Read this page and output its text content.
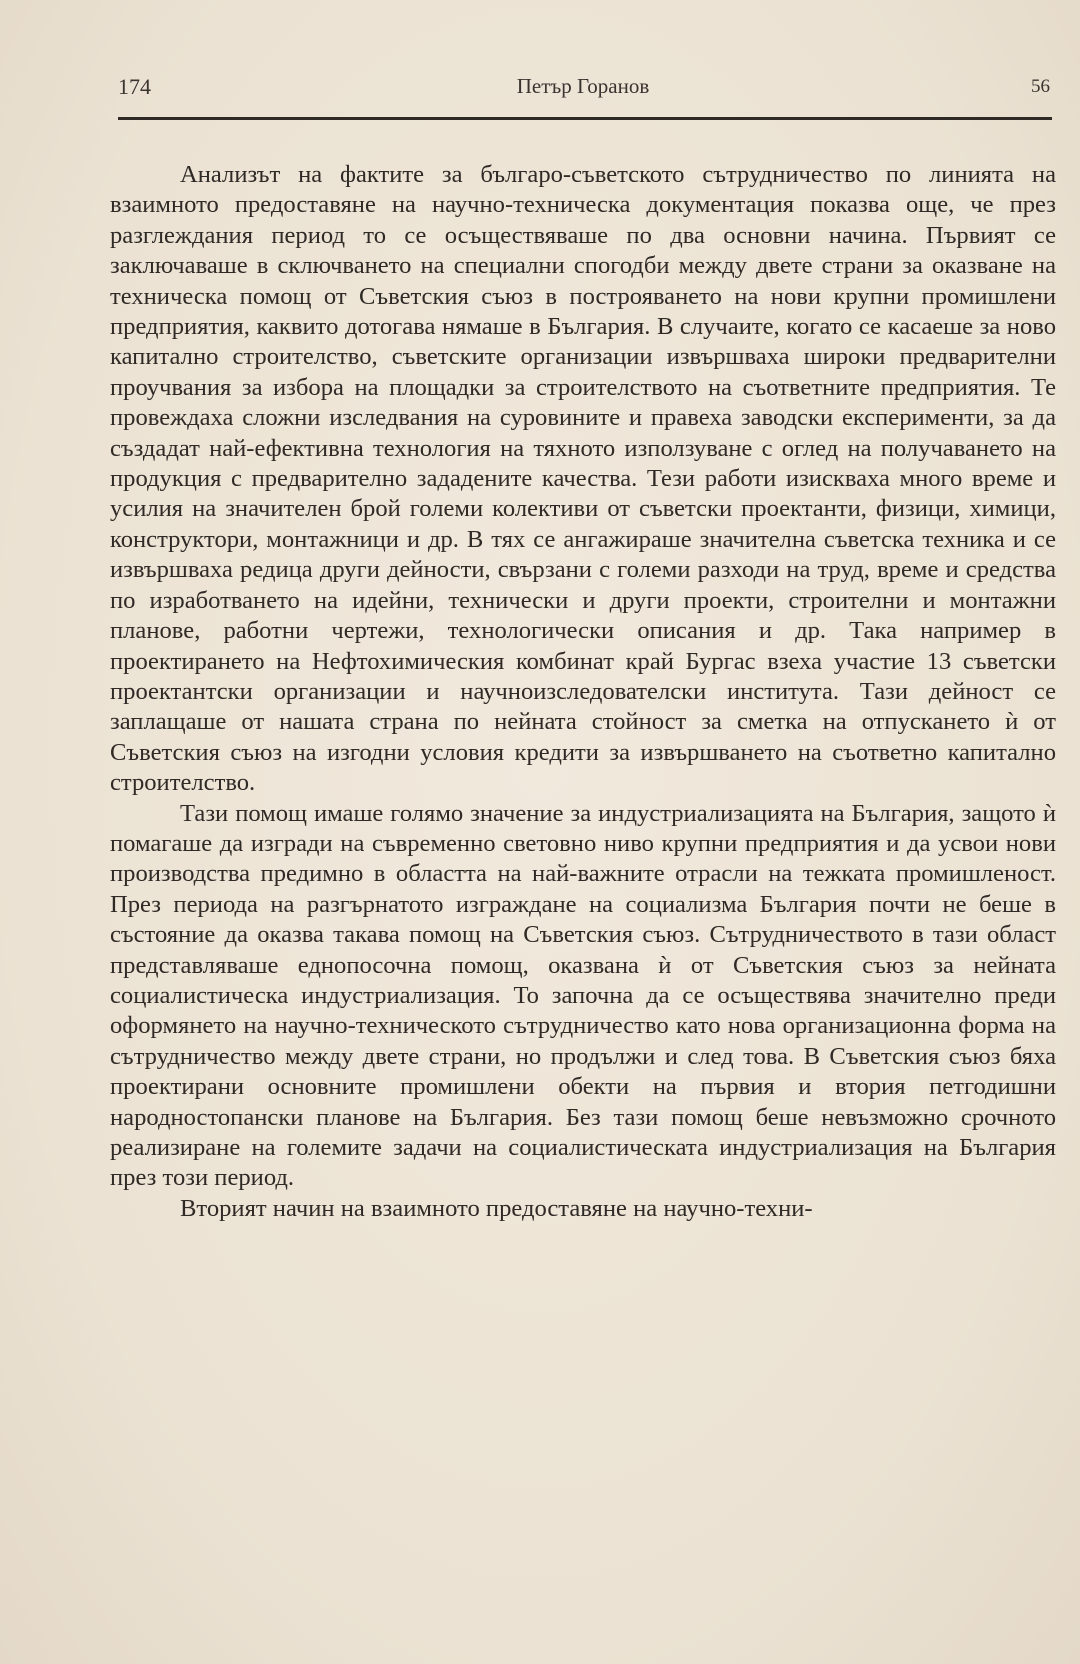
174	Петър Горанов	56

Анализът на фактите за българо-съветското сътрудничество по линията на взаимното предоставяне на научно-техническа документация показва още, че през разглеждания период то се осъществяваше по два основни начина. Първият се заключаваше в сключването на специални спогодби между двете страни за оказване на техническа помощ от Съветския съюз в построяването на нови крупни промишлени предприятия, каквито дотогава нямаше в България. В случаите, когато се касаеше за ново капитално строителство, съветските организации извършваха широки предварителни проучвания за избора на площадки за строителството на съответните предприятия. Те провеждаха сложни изследвания на суровините и правеха заводски експерименти, за да създадат най-ефективна технология на тяхното използуване с оглед на получаването на продукция с предварително зададените качества. Тези работи изискваха много време и усилия на значителен брой големи колективи от съветски проектанти, физици, химици, конструктори, монтажници и др. В тях се ангажираше значителна съветска техника и се извършваха редица други дейности, свързани с големи разходи на труд, време и средства по изработването на идейни, технически и други проекти, строителни и монтажни планове, работни чертежи, технологически описания и др. Така например в проектирането на Нефтохимическия комбинат край Бургас взеха участие 13 съветски проектантски организации и научноизследователски института. Тази дейност се заплащаше от нашата страна по нейната стойност за сметка на отпускането ѝ от Съветския съюз на изгодни условия кредити за извършването на съответно капитално строителство.

Тази помощ имаше голямо значение за индустриализацията на България, защото ѝ помагаше да изгради на съвременно световно ниво крупни предприятия и да усвои нови производства предимно в областта на най-важните отрасли на тежката промишленост. През периода на разгърнатото изграждане на социализма България почти не беше в състояние да оказва такава помощ на Съветския съюз. Сътрудничеството в тази област представляваше еднопосочна помощ, оказвана ѝ от Съветския съюз за нейната социалистическа индустриализация. То започна да се осъществява значително преди оформянето на научно-техническото сътрудничество като нова организационна форма на сътрудничество между двете страни, но продължи и след това. В Съветския съюз бяха проектирани основните промишлени обекти на първия и втория петгодишни народностопански планове на България. Без тази помощ беше невъзможно срочното реализиране на големите задачи на социалистическата индустриализация на България през този период.

Вторият начин на взаимното предоставяне на научно-техни-
